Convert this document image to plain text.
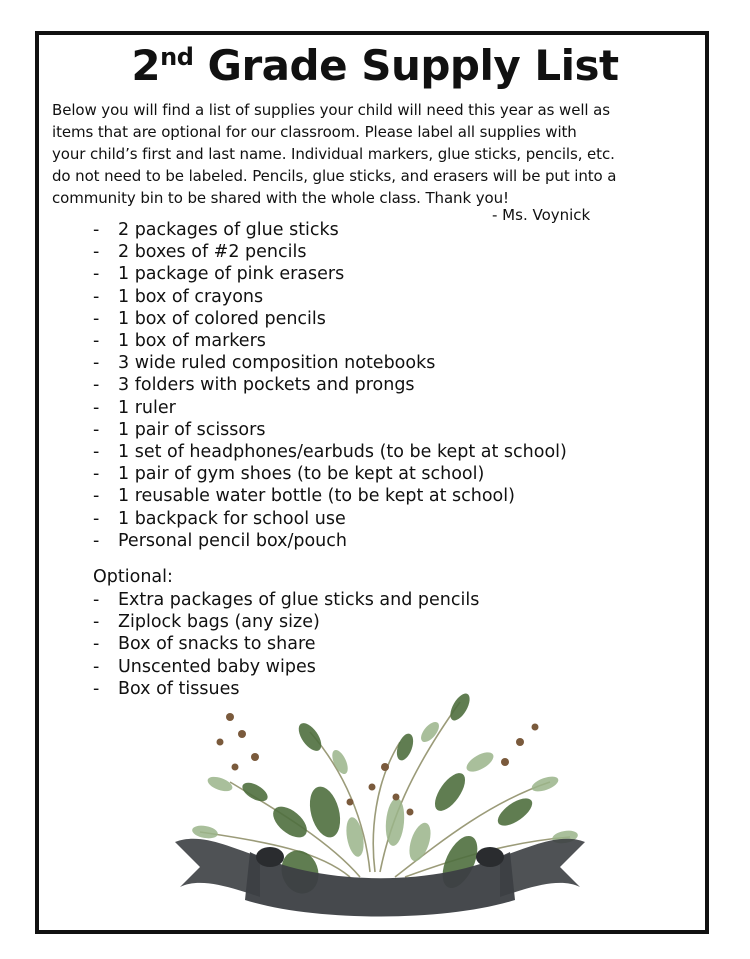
2nd Grade Supply List
Below you will find a list of supplies your child will need this year as well as
items that are optional for our classroom. Please label all supplies with
your child’s first and last name. Individual markers, glue sticks, pencils, etc.
do not need to be labeled. Pencils, glue sticks, and erasers will be put into a
community bin to be shared with the whole class. Thank you!
- Ms. Voynick
-	2 packages of glue sticks
-	2 boxes of #2 pencils
-	1 package of pink erasers
-	1 box of crayons
-	1 box of colored pencils
-	1 box of markers
-	3 wide ruled composition notebooks
-	3 folders with pockets and prongs
-	1 ruler
-	1 pair of scissors
-	1 set of headphones/earbuds (to be kept at school)
-	1 pair of gym shoes (to be kept at school)
-	1 reusable water bottle (to be kept at school)
-	1 backpack for school use
-	Personal pencil box/pouch
Optional:
-	Extra packages of glue sticks and pencils
-	Ziplock bags (any size)
-	Box of snacks to share
-	Unscented baby wipes
-	Box of tissues
